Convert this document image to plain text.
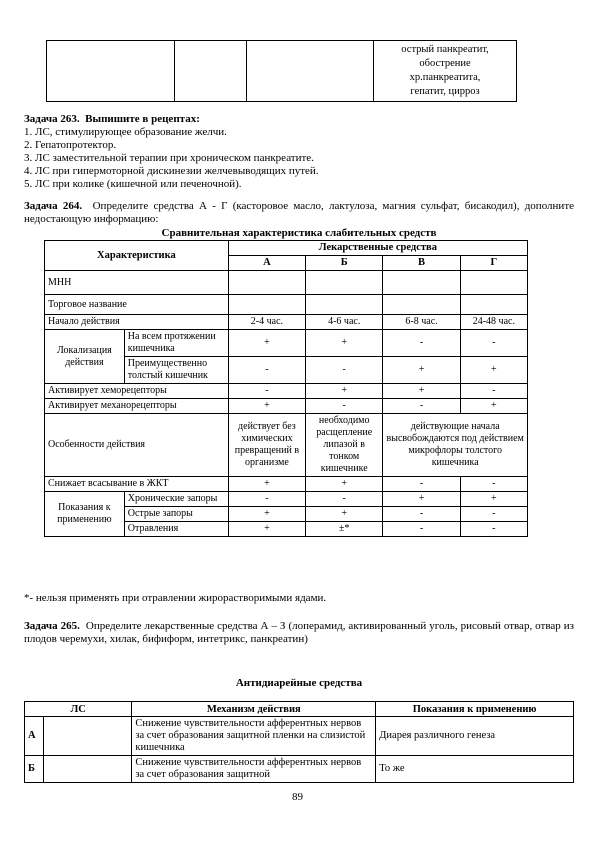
острый панкреатит,
обострение
хр.панкреатита,
гепатит, цирроз
Задача 263. Выпишите в рецептах:
1. ЛС, стимулирующее образование желчи.
2. Гепатопротектор.
3. ЛС заместительной терапии при хроническом панкреатите.
4. ЛС при гипермоторной дискинезии желчевыводящих путей.
5. ЛС при колике (кишечной или печеночной).
Задача 264. Определите средства А - Г (касторовое масло, лактулоза, магния сульфат, бисакодил), дополните недостающую информацию:
Сравнительная характеристика слабительных средств
Характеристика		Лекарственные средства			
		А	Б	В	Г
МНН					
Торговое название					
Начало действия		2-4 час.	4-6 час.	6-8 час.	24-48 час.
Локализация действия	На всем протяжении кишечника	+	+	-	-
	Преимущественно толстый кишечник	-	-	+	+
Активирует хеморецепторы		-	+	+	-
Активирует механорецепторы		+	-	-	+
Особенности действия		действует без химических превращений в организме	необходимо расщепление липазой в тонком кишечнике	действующие начала высвобождаются под действием микрофлоры толстого кишечника	
Снижает всасывание в ЖКТ		+	+	-	-
Показания к применению	Хронические запоры	-	-	+	+
	Острые запоры	+	+	-	-
	Отравления	+	±*	-	-
*- нельзя применять при отравлении жирорастворимыми ядами.
Задача 265. Определите лекарственные средства А – З (лоперамид, активированный уголь, рисовый отвар, отвар из плодов черемухи, хилак, бифиформ, интетрикс, панкреатин)
Антидиарейные средства
ЛС		Механизм действия	Показания к применению
А		Снижение чувствительности афферентных нервов за счет образования защитной пленки на слизистой кишечника	Диарея различного генеза
Б		Снижение чувствительности афферентных нервов за счет образования защитной	То же
89
